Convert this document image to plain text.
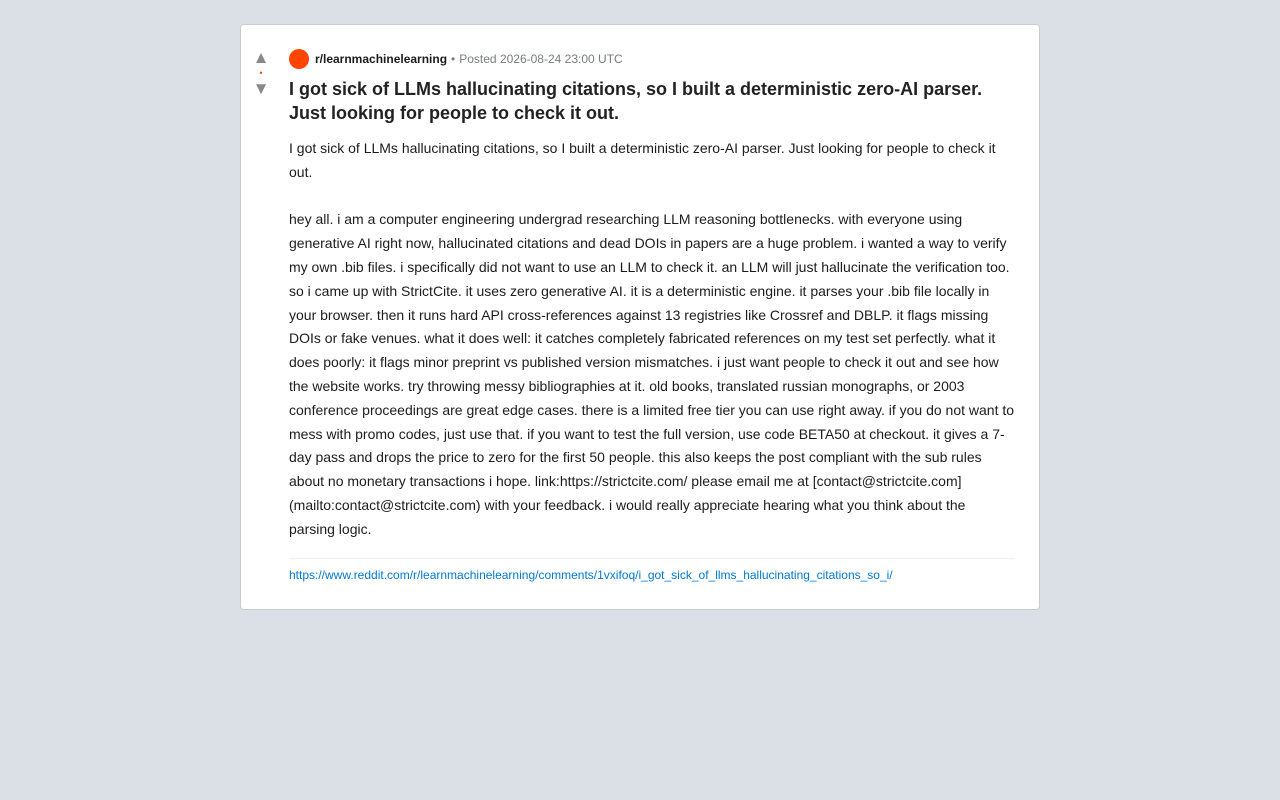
▲
•
▼
r/learnmachinelearning • Posted 2026-08-24 23:00 UTC
I got sick of LLMs hallucinating citations, so I built a deterministic zero-AI parser. Just looking for people to check it out.

I got sick of LLMs hallucinating citations, so I built a deterministic zero-AI parser. Just looking for people to check it out.

hey all. i am a computer engineering undergrad researching LLM reasoning bottlenecks. with everyone using generative AI right now, hallucinated citations and dead DOIs in papers are a huge problem. i wanted a way to verify my own .bib files. i specifically did not want to use an LLM to check it. an LLM will just hallucinate the verification too. so i came up with StrictCite. it uses zero generative AI. it is a deterministic engine. it parses your .bib file locally in your browser. then it runs hard API cross-references against 13 registries like Crossref and DBLP. it flags missing DOIs or fake venues. what it does well: it catches completely fabricated references on my test set perfectly. what it does poorly: it flags minor preprint vs published version mismatches. i just want people to check it out and see how the website works. try throwing messy bibliographies at it. old books, translated russian monographs, or 2003 conference proceedings are great edge cases. there is a limited free tier you can use right away. if you do not want to mess with promo codes, just use that. if you want to test the full version, use code BETA50 at checkout. it gives a 7-day pass and drops the price to zero for the first 50 people. this also keeps the post compliant with the sub rules about no monetary transactions i hope. link:https://strictcite.com/ please email me at [contact@strictcite.com](mailto:contact@strictcite.com) with your feedback. i would really appreciate hearing what you think about the parsing logic.

https://www.reddit.com/r/learnmachinelearning/comments/1vxifoq/i_got_sick_of_llms_hallucinating_citations_so_i/
